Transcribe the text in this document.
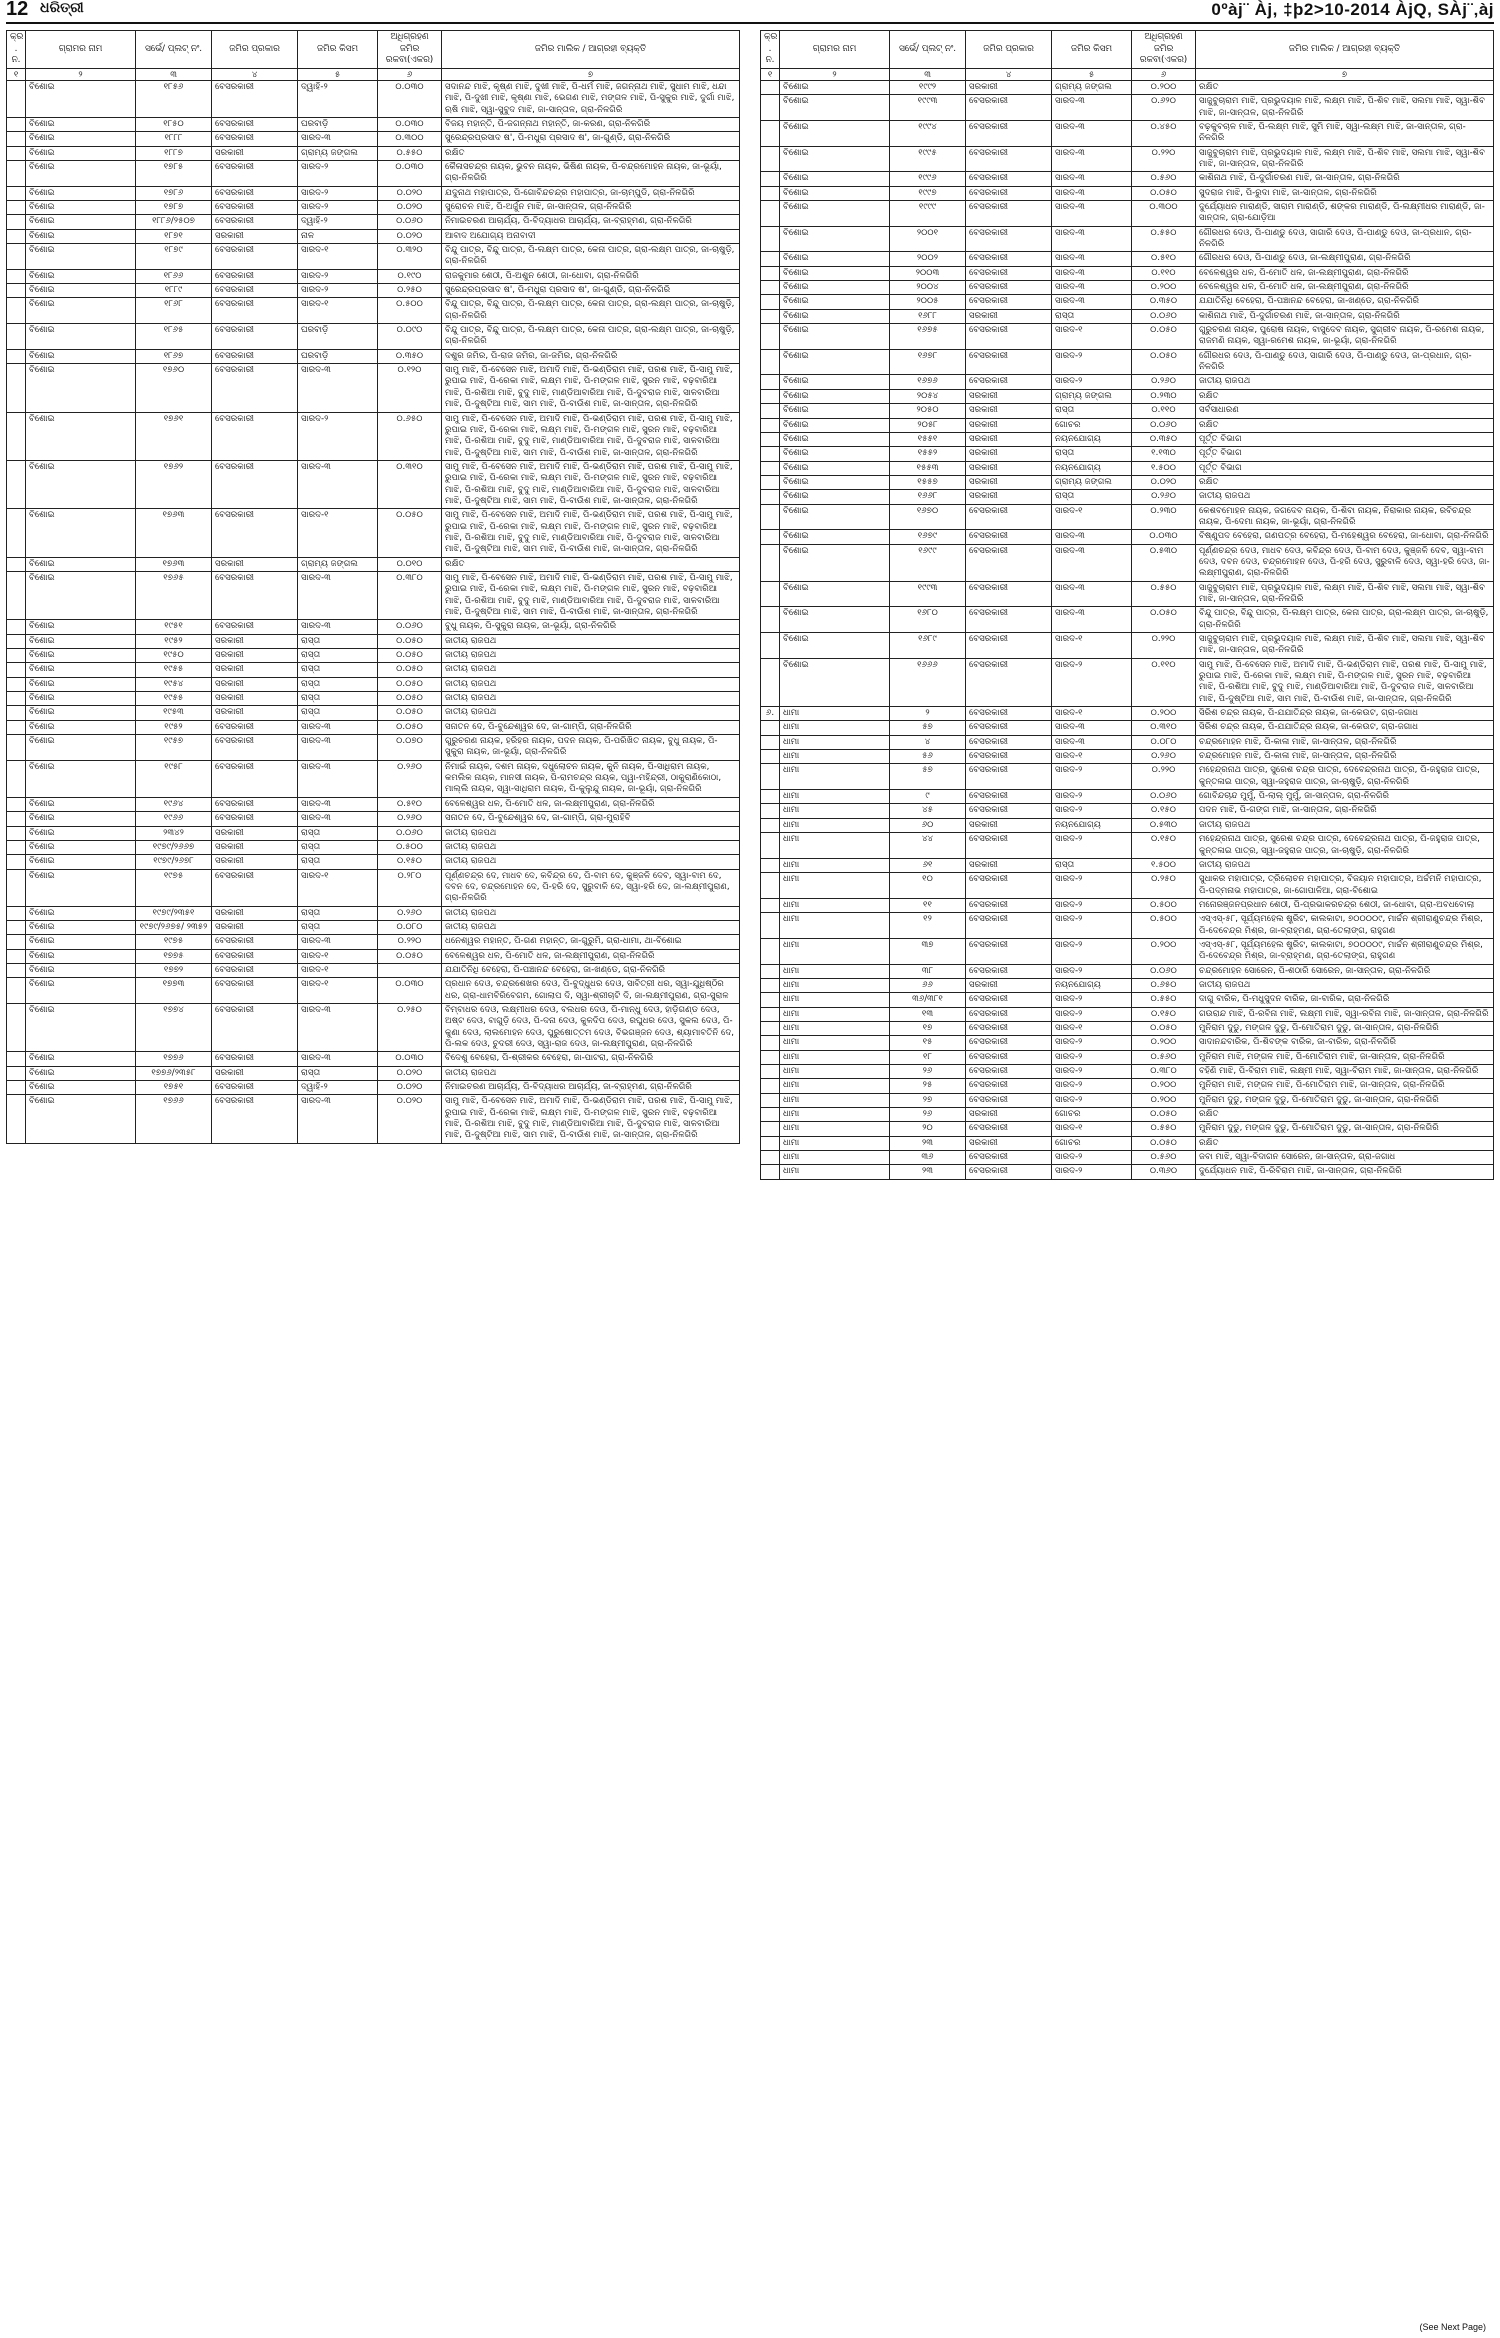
12 ଧରିତ୍ରୀ	0ºàj¨ Àj, ‡þ2>10-2014 ÀjQ, SÀj¨‚àj
କ୍ର. ନ.	ଗ୍ରାମର ନାମ	ସର୍ଭେ/ ପ୍ଲଟ୍ ନଂ.	ଜମିର ପ୍ରକାର	ଜମିର କିସମ	ଅଧିଗ୍ରହଣ ଜମିର ରକବା(ଏକର)	ଜମିର ମାଲିକ / ଆଗ୍ରହୀ ବ୍ୟକ୍ତି
୧	୨	୩	୪	୫	୬	୭
	ବିଶୋଇ	୧୮୫୬	ବେସରକାରୀ	ଦ୍ୱାହି-୨	୦.୦୩୦	ସଦାନନ୍ଦ ମାଝି, କୃଷ୍ଣ ମାଝି, ଦୁଖୀ ମାଝି, ପି-ଧର୍ମ ମାଝି, ଜଗନ୍ନାଥ ମାଝି, ସୁଧାମ ମାଝି, ଧନ୍ଦା ମାଝି, ପି-ଦୁଖୀ ମାଝି, କୃଷ୍ଣା ମାଝି, ଭେଗଣ ମାଝି, ମଙ୍ଗଳ ମାଝି, ପି-ସୁକୁର ମାଝି, ଦୁର୍ଗା ମାଝି, ଋଷି ମାଝି, ସ୍ୱା-ସୁବୁଦ ମାଝି, ଜା-ସାନ୍ତାଳ, ଗ୍ରା-ନିଳଗିରି
	ବିଶୋଇ	୧୮୫୦	ବେସରକାରୀ	ଘରବାଡ଼ି	୦.୦୩୦	ବିଜୟ ମହାନ୍ତି, ପି-ଜଗନ୍ନାଥ ମହାନ୍ତି, ଜା-କରଣ, ଗ୍ରା-ନିଳଗିରି
	ବିଶୋଇ	୧୮୮୮	ବେସରକାରୀ	ସାରଦ-୩	୦.୩୦୦	ସୁରେନ୍ଦ୍ରପ୍ରସାଦ ଷ', ପି-ମଧୁରା ପ୍ରସାଦ ଷ', ଜା-ଗୁଣ୍ଡି, ଗ୍ରା-ନିଳଗିରି
	ବିଶୋଇ	୧୮୮୭	ସରକାରୀ	ଗ୍ରାମ୍ୟ ଜଙ୍ଗଲ	୦.୫୫୦	ରକ୍ଷିତ
	ବିଶୋଇ	୧୭୮୫	ବେସରକାରୀ	ସାରଦ-୨	୦.୦୩୦	କୈଳାସଚନ୍ଦ୍ର ନାୟକ, ଭୁବନ ନାୟକ, ଭିଷିଣ ନାୟକ, ପି-ଚନ୍ଦ୍ରମୋହନ ନାୟକ, ଜା-ଭୂୟାଁ, ଗ୍ରା-ନିଳଗିରି
	ବିଶୋଇ	୧୭୮୬	ବେସରକାରୀ	ସାରଦ-୨	୦.୦୨୦	ଯଦୁନାଥ ମହାପାତ୍ର, ପି-ଗୋବିନ୍ଦଚନ୍ଦ୍ର ମହାପାତ୍ର, ଜା-ଚାମ୍ପୁଡି, ଗ୍ରା-ନିଳଗିରି
	ବିଶୋଇ	୧୭୮୭	ବେସରକାରୀ	ସାରଦ-୨	୦.୦୨୦	ସୁରୋଚନ ମାଝି, ପି-ଅର୍ଜୁନ ମାଝି, ଜା-ସାନ୍ତାଳ, ଗ୍ରା-ନିଳଗିରି
	ବିଶୋଇ	୧୮୮୬/୨୫୦୭	ବେସରକାରୀ	ଦ୍ୱାହି-୨	୦.୦୬୦	ନିମାଇଚରଣ ଆଚାର୍ଯ୍ୟ, ପି-ବିଦ୍ୟାଧର ଆଚାର୍ଯ୍ୟ, ଜା-ବ୍ରାହ୍ମଣ, ଗ୍ରା-ନିଳଗିରି
	ବିଶୋଇ	୧୮୭୧	ସରକାରୀ	ନାଳ	୦.୦୨୦	ଆବାଦ ଅଯୋଗ୍ୟ ଅନାବାଦୀ
	ବିଶୋଇ	୧୮୭୯	ବେସରକାରୀ	ସାରଦ-୧	୦.୩୨୦	ବିନ୍ଦୁ ପାତ୍ର, ବିନ୍ଦୁ ପାତ୍ର, ପି-ଲକ୍ଷ୍ମ ପାତ୍ର, କେନା ପାତ୍ର, ଗ୍ରା-ଲକ୍ଷ୍ମ ପାତ୍ର, ଜା-ଚାଷୁଡ଼ି, ଗ୍ରା-ନିଳଗିରି
	ବିଶୋଇ	୧୮୬୬	ବେସରକାରୀ	ସାରଦ-୨	୦.୧୯୦	ରାଜକୁମାର ଶେଠୀ, ପି-ଅଶୁନ ଶେଠୀ, ଜା-ଧୋବା, ଗ୍ରା-ନିଳଗିରି
	ବିଶୋଇ	୧୮୮୯	ବେସରକାରୀ	ସାରଦ-୨	୦.୨୫୦	ସୁରେନ୍ଦ୍ରପ୍ରସାଦ ଷ', ପି-ମଧୁରା ପ୍ରସାଦ ଷ', ଜା-ଗୁଣ୍ଡି, ଗ୍ରା-ନିଳଗିରି
	ବିଶୋଇ	୧୮୬୮	ବେସରକାରୀ	ସାରଦ-୧	୦.୫୦୦	ବିନ୍ଦୁ ପାତ୍ର, ବିନ୍ଦୁ ପାତ୍ର, ପି-ଲକ୍ଷ୍ମ ପାତ୍ର, କେନା ପାତ୍ର, ଗ୍ରା-ଲକ୍ଷ୍ମ ପାତ୍ର, ଜା-ଚାଷୁଡ଼ି, ଗ୍ରା-ନିଳଗିରି
	ବିଶୋଇ	୧୮୬୫	ବେସରକାରୀ	ଘରବାଡ଼ି	୦.୦୯୦	ବିନ୍ଦୁ ପାତ୍ର, ବିନ୍ଦୁ ପାତ୍ର, ପି-ଲକ୍ଷ୍ମ ପାତ୍ର, କେନା ପାତ୍ର, ଗ୍ରା-ଲକ୍ଷ୍ମ ପାତ୍ର, ଜା-ଚାଷୁଡ଼ି, ଗ୍ରା-ନିଳଗିରି
	ବିଶୋଇ	୧୮୬୭	ବେସରକାରୀ	ଘରବାଡ଼ି	୦.୩୫୦	ଦଶୁର ଜମିର, ପି-ରାଜ ଜମିର, ଜା-ଜମିର, ଗ୍ରା-ନିଳଗିରି
	ବିଶୋଇ	୧୭୬୦	ବେସରକାରୀ	ସାରଦ-୩	୦.୧୨୦	ସାମୁ ମାଝି, ପି-ବେସେନ ମାଝି, ଅମାଦି ମାଝି, ପି-ଭଣ୍ଡିରାମ ମାଝି, ପରଶ ମାଝି, ପି-ସାମୁ ମାଝି, ରୁପାଇ ମାଝି, ପି-ରେକା ମାଝି, ଲକ୍ଷ୍ମ ମାଝି, ପି-ମଙ୍ଗଳ ମାଝି, ସୁରନ ମାଝି, ବଢ଼ବାରିଆ ମାଝି, ପି-ରଶିଆ ମାଝି, ବୁଦୁ ମାଝି, ମାଣ୍ଡିଆବାରିଆ ମାଝି, ପି-ଦୁବରାଜ ମାଝି, ସାଳବାରିଆ ମାଝି, ପି-ଦୁଷ୍ଟିଆ ମାଝି, ସାମ ମାଝି, ପି-ବାଉିଶ ମାଝି, ଜା-ସାନ୍ତାଳ, ଗ୍ରା-ନିଳଗିରି
	ବିଶୋଇ	୧୭୬୧	ବେସରକାରୀ	ସାରଦ-୨	୦.୬୫୦	ସାମୁ ମାଝି, ପି-ବେସେନ ମାଝି, ଅମାଦି ମାଝି, ପି-ଭଣ୍ଡିରାମ ମାଝି, ପରଶ ମାଝି, ପି-ସାମୁ ମାଝି, ରୁପାଇ ମାଝି, ପି-ରେକା ମାଝି, ଲକ୍ଷ୍ମ ମାଝି, ପି-ମଙ୍ଗଳ ମାଝି, ସୁରନ ମାଝି, ବଢ଼ବାରିଆ ମାଝି, ପି-ରଶିଆ ମାଝି, ବୁଦୁ ମାଝି, ମାଣ୍ଡିଆବାରିଆ ମାଝି, ପି-ଦୁବରାଜ ମାଝି, ସାଳବାରିଆ ମାଝି, ପି-ଦୁଷ୍ଟିଆ ମାଝି, ସାମ ମାଝି, ପି-ବାଉିଶ ମାଝି, ଜା-ସାନ୍ତାଳ, ଗ୍ରା-ନିଳଗିରି
	ବିଶୋଇ	୧୭୬୨	ବେସରକାରୀ	ସାରଦ-୩	୦.୩୧୦	ସାମୁ ମାଝି, ପି-ବେସେନ ମାଝି, ଅମାଦି ମାଝି, ପି-ଭଣ୍ଡିରାମ ମାଝି, ପରଶ ମାଝି, ପି-ସାମୁ ମାଝି, ରୁପାଇ ମାଝି, ପି-ରେକା ମାଝି, ଲକ୍ଷ୍ମ ମାଝି, ପି-ମଙ୍ଗଳ ମାଝି, ସୁରନ ମାଝି, ବଢ଼ବାରିଆ ମାଝି, ପି-ରଶିଆ ମାଝି, ବୁଦୁ ମାଝି, ମାଣ୍ଡିଆବାରିଆ ମାଝି, ପି-ଦୁବରାଜ ମାଝି, ସାଳବାରିଆ ମାଝି, ପି-ଦୁଷ୍ଟିଆ ମାଝି, ସାମ ମାଝି, ପି-ବାଉିଶ ମାଝି, ଜା-ସାନ୍ତାଳ, ଗ୍ରା-ନିଳଗିରି
	ବିଶୋଇ	୧୭୬୩	ବେସରକାରୀ	ସାରଦ-୧	୦.୦୫୦	ସାମୁ ମାଝି, ପି-ବେସେନ ମାଝି, ଅମାଦି ମାଝି, ପି-ଭଣ୍ଡିରାମ ମାଝି, ପରଶ ମାଝି, ପି-ସାମୁ ମାଝି, ରୁପାଇ ମାଝି, ପି-ରେକା ମାଝି, ଲକ୍ଷ୍ମ ମାଝି, ପି-ମଙ୍ଗଳ ମାଝି, ସୁରନ ମାଝି, ବଢ଼ବାରିଆ ମାଝି, ପି-ରଶିଆ ମାଝି, ବୁଦୁ ମାଝି, ମାଣ୍ଡିଆବାରିଆ ମାଝି, ପି-ଦୁବରାଜ ମାଝି, ସାଳବାରିଆ ମାଝି, ପି-ଦୁଷ୍ଟିଆ ମାଝି, ସାମ ମାଝି, ପି-ବାଉିଶ ମାଝି, ଜା-ସାନ୍ତାଳ, ଗ୍ରା-ନିଳଗିରି
	ବିଶୋଇ	୧୭୬୩	ସରକାରୀ	ଗ୍ରାମ୍ୟ ଜଙ୍ଗଲ	୦.୦୧୦	ରକ୍ଷିତ
	ବିଶୋଇ	୧୭୬୫	ବେସରକାରୀ	ସାରଦ-୩	୦.୩୮୦	ସାମୁ ମାଝି, ପି-ବେସେନ ମାଝି, ଅମାଦି ମାଝି, ପି-ଭଣ୍ଡିରାମ ମାଝି, ପରଶ ମାଝି, ପି-ସାମୁ ମାଝି, ରୁପାଇ ମାଝି, ପି-ରେକା ମାଝି, ଲକ୍ଷ୍ମ ମାଝି, ପି-ମଙ୍ଗଳ ମାଝି, ସୁରନ ମାଝି, ବଢ଼ବାରିଆ ମାଝି, ପି-ରଶିଆ ମାଝି, ବୁଦୁ ମାଝି, ମାଣ୍ଡିଆବାରିଆ ମାଝି, ପି-ଦୁବରାଜ ମାଝି, ସାଳବାରିଆ ମାଝି, ପି-ଦୁଷ୍ଟିଆ ମାଝି, ସାମ ମାଝି, ପି-ବାଉିଶ ମାଝି, ଜା-ସାନ୍ତାଳ, ଗ୍ରା-ନିଳଗିରି
	ବିଶୋଇ	୧୯୫୧	ବେସରକାରୀ	ସାରଦ-୩	୦.୦୬୦	ବୁଧୁ ନାୟକ, ପି-ସୁକୁରା ନାୟକ, ଜା-ଭୂୟାଁ, ଗ୍ରା-ନିଳଗିରି
	ବିଶୋଇ	୧୯୫୨	ସରକାରୀ	ରାସ୍ତା	୦.୦୫୦	ଜାତୀୟ ରାଜପଥ
	ବିଶୋଇ	୧୯୫୦	ସରକାରୀ	ରାସ୍ତା	୦.୦୫୦	ଜାତୀୟ ରାଜପଥ
	ବିଶୋଇ	୧୯୫୫	ସରକାରୀ	ରାସ୍ତା	୦.୦୫୦	ଜାତୀୟ ରାଜପଥ
	ବିଶୋଇ	୧୯୫୪	ସରକାରୀ	ରାସ୍ତା	୦.୦୫୦	ଜାତୀୟ ରାଜପଥ
	ବିଶୋଇ	୧୯୫୫	ସରକାରୀ	ରାସ୍ତା	୦.୦୫୦	ଜାତୀୟ ରାଜପଥ
	ବିଶୋଇ	୧୯୫୩	ସରକାରୀ	ରାସ୍ତା	୦.୦୫୦	ଜାତୀୟ ରାଜପଥ
	ବିଶୋଇ	୧୯୫୨	ବେସରକାରୀ	ସାରଦ-୩	୦.୦୫୦	ସନାତନ ଦେ, ପି-ବୁନ୍ଦେଶ୍ୱର ଦେ, ଜା-ଗାମ୍ପି, ଗ୍ରା-ନିଳଗିରି
	ବିଶୋଇ	୧୯୫୭	ବେସରକାରୀ	ସାରଦ-୩	୦.୦୭୦	ଗୁରୁଚରଣ ନାୟକ, ହରିହର ନାୟକ, ପଦନ ନାୟକ, ପି-ପରିଖିତ ନାୟକ, ବୁଧୁ ନାୟକ, ପି-ସୁକୁରା ନାୟକ, ଜା-ଭୂୟାଁ, ଗ୍ରା-ନିଳଗିରି
	ବିଶୋଇ	୧୯୫୮	ବେସରକାରୀ	ସାରଦ-୩	୦.୨୬୦	ନିମାଇଁ ନାୟକ, ଦଶମ ନାୟକ, ଦଧୁଲୋଚନ ନାୟକ, କୁନି ନାୟକ, ପି-ସାଧିରାମ ନାୟକ, କମଲିକ ନାୟକ, ମାନସୀ ନାୟକ, ପି-ରାମଚନ୍ଦ୍ର ନାୟକ, ପ୍ୱା-ମହିନ୍ଦ୍ରୀ, ଠାକୁରାଣିକୋଠା, ମାଲ୍ଲି ନାୟକ, ସ୍ୱା-ସାଧିରାମ ନାୟକ, ପି-କୁଲୁନ୍ଦୁ ନାୟକ, ଜା-ଭୂୟାଁ, ଗ୍ରା-ନିଳଗିରି
	ବିଶୋଇ	୧୯୬୪	ବେସରକାରୀ	ସାରଦ-୩	୦.୫୧୦	ବେଳେଶ୍ୱର ଧଳ, ପି-ମୋତି ଧଳ, ଜା-ଲକ୍ଷ୍ମୀପୁରାଣ, ଗ୍ରା-ନିଳଗିରି
	ବିଶୋଇ	୧୯୬୬	ବେସରକାରୀ	ସାରଦ-୩	୦.୨୬୦	ସନାତନ ଦେ, ପି-ବୁନ୍ଦେଶ୍ୱର ଦେ, ଜା-ଗାମ୍ପି, ଗ୍ରା-ମୁରାହିବି
	ବିଶୋଇ	୨୩୪୨	ସରକାରୀ	ରାସ୍ତା	୦.୦୬୦	ଜାତୀୟ ରାଜପଥ
	ବିଶୋଇ	୧୯୭୯/୨୬୬୭	ସରକାରୀ	ରାସ୍ତା	୦.୫୦୦	ଜାତୀୟ ରାଜପଥ
	ବିଶୋଇ	୧୯୭୯/୨୬୭୮	ସରକାରୀ	ରାସ୍ତା	୦.୧୫୦	ଜାତୀୟ ରାଜପଥ
	ବିଶୋଇ	୧୯୭୫	ବେସରକାରୀ	ସାରଦ-୧	୦.୨୮୦	ପୂର୍ଣ୍ଣଚନ୍ଦ୍ର ଦେ, ମାଧବ ଦେ, କବିନ୍ଦ୍ର ଦେ, ପି-ବାମ ଦେ, କୁଞ୍ଜଳି ଦେବ, ସ୍ୱା-ବାମ ଦେ, ଦବନ ଦେ, ଚନ୍ଦ୍ରମୋହନ ଦେ, ପି-ହରି ଦେ, ସୁରୁବାଳି ଦେ, ସ୍ୱା-ହରି ଦେ, ଜା-ଲକ୍ଷ୍ମୀପୁରାଣ, ଗ୍ରା-ନିଳଗିରି
	ବିଶୋଇ	୧୯୭୯/୨୩୫୧	ସରକାରୀ	ରାସ୍ତା	୦.୨୬୦	ଜାତୀୟ ରାଜପଥ
	ବିଶୋଇ	୧୯୭୯/୨୬୭୫/ ୨୩୫୨	ସରକାରୀ	ରାସ୍ତା	୦.୦୮୦	ଜାତୀୟ ରାଜପଥ
	ବିଶୋଇ	୧୯୭୫	ବେସରକାରୀ	ସାରଦ-୩	୦.୨୨୦	ଧନେଶ୍ୱର ମହାନ୍ତ, ପି-ଗଣ ମହାନ୍ତ, ଜା-ଗୁରୁମି, ଗ୍ରା-ଧାମା, ଥା-ବିଶୋଇ
	ବିଶୋଇ	୧୭୭୫	ବେସରକାରୀ	ସାରଦ-୧	୦.୦୫୦	ବେଳେଶ୍ୱର ଧଳ, ପି-ମୋତି ଧଳ, ଜା-ଲକ୍ଷ୍ମୀପୁରାଣ, ଗ୍ରା-ନିଳଗିରି
	ବିଶୋଇ	୧୭୭୨	ବେସରକାରୀ	ସାରଦ-୧		ଯଯାତିନିଧି ବେହେରା, ପି-ପଞ୍ଚାନନ୍ଦ ବେହେରା, ଜା-ଖଣ୍ଡେ, ଗ୍ରା-ନିଳଗିରି
	ବିଶୋଇ	୧୭୭୩	ବେସରକାରୀ	ସାରଦ-୧	୦.୦୩୦	ପ୍ରଧାନ ଦେଓ, ଚନ୍ଦ୍ରଶେଖର ଦେଓ, ପି-ବୁଦ୍ଧୁଧର ଦେଓ, ସାବିତ୍ରୀ ଧର, ସ୍ୱା-ଯୁଧିଷ୍ଠିର ଧର, ଗ୍ରା-ଧାମବିରିବେଗମ, ଗୋଲାପ ଦି, ସ୍ୱା-ଶ୍ରୀଚାଟି ଦି, ଜା-ଲକ୍ଷ୍ମୀପୁରାଣ, ଗ୍ରା-ସୁରାଳ
	ବିଶୋଇ	୧୭୭୪	ବେସରକାରୀ	ସାରଦ-୩	୦.୨୫୦	ବିମ୍ବାଧର ଦେଓ, ଲକ୍ଷ୍ମୀଧର ଦେଓ, ବଲଧର ଦେଓ, ପି-ମାନ୍ଧୁ ଦେଓ, ହାଡ଼ିଗଣ୍ଡ ଦେଓ, ଅଷ୍ଟ ଦେଓ, ବାଗୁଡ଼ି ଦେଓ, ପି-ଦନା ଦେଓ, କୁଳଦିପ ଦେଓ, ରଘୁଧର ଦେଓ, ସୁକଲ ଦେଓ, ପି-କୁଣା ଦେଓ, ଲାଲମୋହନ ଦେଓ, ପୁରୁଷୋତ୍ତମ ଦେଓ, ବିଭଗଞ୍ଜନ ଦେଓ, ଶ୍ୟାମାବତିନି ଦେ, ପି-ଲକ ଦେଓ, ଚୁଦରୀ ଦେଓ, ସ୍ୱା-ରାଜ ଦେଓ, ଜା-ଲକ୍ଷ୍ମୀପୁରାଣ, ଗ୍ରା-ନିଳଗିରି
	ବିଶୋଇ	୧୭୭୬	ବେସରକାରୀ	ସାରଦ-୩	୦.୦୩୦	ବିଦେଶୁ ବେହେରା, ପି-ଶ୍ରୀକର ବେହେରା, ଜା-ପାଟରା, ଗ୍ରା-ନିଳଗିରି
	ବିଶୋଇ	୧୭୭୬/୨୩୫୮	ସରକାରୀ	ରାସ୍ତା	୦.୦୨୦	ଜାତୀୟ ରାଜପଥ
	ବିଶୋଇ	୧୭୫୧	ବେସରକାରୀ	ଦ୍ୱାହି-୨	୦.୦୨୦	ନିମାଇଚରଣ ଆଚାର୍ଯ୍ୟ, ପି-ବିଦ୍ୟାଧର ଆଚାର୍ଯ୍ୟ, ଜା-ବ୍ରାହ୍ମଣ, ଗ୍ରା-ନିଳଗିରି
	ବିଶୋଇ	୧୭୬୬	ବେସରକାରୀ	ସାରଦ-୩	୦.୦୨୦	ସାମୁ ମାଝି, ପି-ବେସେନ ମାଝି, ଅମାଦି ମାଝି, ପି-ଭଣ୍ଡିରାମ ମାଝି, ପରଶ ମାଝି, ପି-ସାମୁ ମାଝି, ରୁପାଇ ମାଝି, ପି-ରେକା ମାଝି, ଲକ୍ଷ୍ମ ମାଝି, ପି-ମଙ୍ଗଳ ମାଝି, ସୁରନ ମାଝି, ବଢ଼ବାରିଆ ମାଝି, ପି-ରଶିଆ ମାଝି, ବୁଦୁ ମାଝି, ମାଣ୍ଡିଆବାରିଆ ମାଝି, ପି-ଦୁବରାଜ ମାଝି, ସାଳବାରିଆ ମାଝି, ପି-ଦୁଷ୍ଟିଆ ମାଝି, ସାମ ମାଝି, ପି-ବାଉିଶ ମାଝି, ଜା-ସାନ୍ତାଳ, ଗ୍ରା-ନିଳଗିରି
କ୍ର. ନ.	ଗ୍ରାମର ନାମ	ସର୍ଭେ/ ପ୍ଲଟ୍ ନଂ.	ଜମିର ପ୍ରକାର	ଜମିର କିସମ	ଅଧିଗ୍ରହଣ ଜମିର ରକବା(ଏକର)	ଜମିର ମାଲିକ / ଆଗ୍ରହୀ ବ୍ୟକ୍ତି
୧	୨	୩	୪	୫	୬	୭
	ବିଶୋଇ	୧୯୯୨	ସରକାରୀ	ଗ୍ରାମ୍ୟ ଜଙ୍ଗଲ	୦.୨୦୦	ରକ୍ଷିତ
	ବିଶୋଇ	୧୯୯୩	ବେସରକାରୀ	ସାରଦ-୩	୦.୬୨୦	ସାଜୁବୁଚାରାମ ମାଝି, ପ୍ରଭୁଦୟାଳ ମାଝି, ଲକ୍ଷ୍ମ ମାଝି, ପି-ଶିବ ମାଝି, ସଲମା ମାଝି, ସ୍ୱା-ଶିବ ମାଝି, ଜା-ସାନ୍ତାଳ, ଗ୍ରା-ନିଳଗିରି
	ବିଶୋଇ	୧୯୯୪	ବେସରକାରୀ	ସାରଦ-୩	୦.୪୫୦	ବଢ଼କୁବଚାଳ ମାଝି, ପି-ଲକ୍ଷ୍ମ ମାଝି, ସୁମି ମାଝି, ସ୍ୱା-ଲକ୍ଷ୍ମ ମାଝି, ଜା-ସାନ୍ତାଳ, ଗ୍ରା-ନିଳଗିରି
	ବିଶୋଇ	୧୯୯୫	ବେସରକାରୀ	ସାରଦ-୩	୦.୨୨୦	ସାଜୁବୁଚାରାମ ମାଝି, ପ୍ରଭୁଦୟାଳ ମାଝି, ଲକ୍ଷ୍ମ ମାଝି, ପି-ଶିବ ମାଝି, ସଲମା ମାଝି, ସ୍ୱା-ଶିବ ମାଝି, ଜା-ସାନ୍ତାଳ, ଗ୍ରା-ନିଳଗିରି
	ବିଶୋଇ	୧୯୯୬	ବେସରକାରୀ	ସାରଦ-୩	୦.୫୬୦	କାଶିନାଥ ମାଝି, ପି-ଦୁର୍ଗାଚରଣ ମାଝି, ଜା-ସାନ୍ତାଳ, ଗ୍ରା-ନିଳଗିରି
	ବିଶୋଇ	୧୯୯୭	ବେସରକାରୀ	ସାରଦ-୩	୦.୦୫୦	ସୁଦରାଜ ମାଝି, ପି-ରୁଦା ମାଝି, ଜା-ସାନ୍ତାଳ, ଗ୍ରା-ନିଳଗିରି
	ବିଶୋଇ	୧୯୯୯	ବେସରକାରୀ	ସାରଦ-୩	୦.୩୦୦	ଦୁର୍ଯ୍ୟୋଧନ ମାରାଣ୍ଡି, ସାରାମ ମାରାଣ୍ଡି, ଶଙ୍କର ମାରାଣ୍ଡି, ପି-ଲକ୍ଷ୍ମୀଧର ମାରାଣ୍ଡି, ଜା-ସାନ୍ତାଳ, ଗ୍ରା-ଯୋଡ଼ିଆ
	ବିଶୋଇ	୨୦୦୧	ବେସରକାରୀ	ସାରଦ-୩	୦.୫୫୦	ଗୌରଧର ଦେଓ, ପି-ପାଣ୍ଡୁ ଦେଓ, ସାଗାରି ଦେଓ, ପି-ପାଣ୍ଡୁ ଦେଓ, ଜା-ପ୍ରଧାନ, ଗ୍ରା-ନିଳଗିରି
	ବିଶୋଇ	୨୦୦୨	ବେସରକାରୀ	ସାରଦ-୩	୦.୫୧୦	ଗୌରଧର ଦେଓ, ପି-ପାଣ୍ଡୁ ଦେଓ, ଜା-ଲକ୍ଷ୍ମୀପୁରାଣ, ଗ୍ରା-ନିଳଗିରି
	ବିଶୋଇ	୨୦୦୩	ବେସରକାରୀ	ସାରଦ-୩	୦.୧୧୦	ବେଳେଶ୍ୱର ଧଳ, ପି-ମୋତି ଧଳ, ଜା-ଲକ୍ଷ୍ମୀପୁରାଣ, ଗ୍ରା-ନିଳଗିରି
	ବିଶୋଇ	୨୦୦୪	ବେସରକାରୀ	ସାରଦ-୩	୦.୨୦୦	ବେଳେଶ୍ୱର ଧଳ, ପି-ମୋତି ଧଳ, ଜା-ଲକ୍ଷ୍ମୀପୁରାଣ, ଗ୍ରା-ନିଳଗିରି
	ବିଶୋଇ	୨୦୦୫	ବେସରକାରୀ	ସାରଦ-୩	୦.୩୫୦	ଯଯାତିନିଧି ବେହେରା, ପି-ପଞ୍ଚାନନ୍ଦ ବେହେରା, ଜା-ଖଣ୍ଡେ, ଗ୍ରା-ନିଳଗିରି
	ବିଶୋଇ	୧୬୮୮	ସରକାରୀ	ରାସ୍ତା	୦.୦୬୦	କାଶିନାଥ ମାଝି, ପି-ଦୁର୍ଗାଚରଣ ମାଝି, ଜା-ସାନ୍ତାଳ, ଗ୍ରା-ନିଳଗିରି
	ବିଶୋଇ	୧୬୭୫	ବେସରକାରୀ	ସାରଦ-୧	୦.୦୫୦	ଗୁରୁଚରଣ ନାୟକ, ପୁରୋଷ ନାୟକ, ବାସୁଦେବ ନାୟକ, ସୁଗ୍ରୀବ ନାୟକ, ପି-ରମେଶ ନାୟକ, ରାଜମଣି ନାୟକ, ସ୍ୱା-ରମେଶ ନାୟକ, ଜା-ଭୂୟାଁ, ଗ୍ରା-ନିଳଗିରି
	ବିଶୋଇ	୧୬୭୮	ବେସରକାରୀ	ସାରଦ-୨	୦.୦୫୦	ଗୌରଧର ଦେଓ, ପି-ପାଣ୍ଡୁ ଦେଓ, ସାଗାରି ଦେଓ, ପି-ପାଣ୍ଡୁ ଦେଓ, ଜା-ପ୍ରଧାନ, ଗ୍ରା-ନିଳଗିରି
	ବିଶୋଇ	୧୬୭୬	ବେସରକାରୀ	ସାରଦ-୨	୦.୨୬୦	ଜାତୀୟ ରାଜପଥ
	ବିଶୋଇ	୨୦୫୪	ସରକାରୀ	ଗ୍ରାମ୍ୟ ଜଙ୍ଗଲ	୦.୨୩୦	ରକ୍ଷିତ
	ବିଶୋଇ	୨୦୫୦	ସରକାରୀ	ରାସ୍ତା	୦.୧୧୦	ସର୍ବସାଧାରଣ
	ବିଶୋଇ	୨୦୫୮	ସରକାରୀ	ଗୋଚର	୦.୦୬୦	ରକ୍ଷିତ
	ବିଶୋଇ	୧୫୫୧	ସରକାରୀ	ନୟନଯୋଗ୍ୟ	୦.୩୫୦	ପୂର୍ତ୍ତ ବିଭାଗ
	ବିଶୋଇ	୧୫୫୨	ସରକାରୀ	ରାସ୍ତା	୧.୧୩୦	ପୂର୍ତ୍ତ ବିଭାଗ
	ବିଶୋଇ	୧୫୫୩	ସରକାରୀ	ନୟନଯୋଗ୍ୟ	୧.୫୦୦	ପୂର୍ତ୍ତ ବିଭାଗ
	ବିଶୋଇ	୧୫୫୭	ସରକାରୀ	ଗ୍ରାମ୍ୟ ଜଙ୍ଗଲ	୦.୦୨୦	ରକ୍ଷିତ
	ବିଶୋଇ	୧୬୬୮	ସରକାରୀ	ରାସ୍ତା	୦.୨୬୦	ଜାତୀୟ ରାଜପଥ
	ବିଶୋଇ	୧୬୭୦	ବେସରକାରୀ	ସାରଦ-୧	୦.୨୩୦	କେଶବମୋହନ ନାୟକ, ଜଗଦେବ ନାୟକ, ପି-ଶିବା ନାୟକ, ନିରାକାର ନାୟକ, ରବିଚନ୍ଦ୍ର ନାୟକ, ପି-ଦେମା ନାୟକ, ଜା-ଭୂୟାଁ, ଗ୍ରା-ନିଳଗିରି
	ବିଶୋଇ	୧୬୭୯	ବେସରକାରୀ	ସାରଦ-୩	୦.୦୩୦	ବିଷ୍ଣୁପଦ ବେହେରା, ଗଣପତ୍ର ବେହେରା, ପି-ମହେଶ୍ୱର ବେହେରା, ଜା-ଧୋବା, ଗ୍ରା-ନିଳଗିରି
	ବିଶୋଇ	୧୬୯୯	ବେସରକାରୀ	ସାରଦ-୩	୦.୫୩୦	ପୂର୍ଣ୍ଣଚନ୍ଦ୍ର ଦେଓ, ମାଧବ ଦେଓ, କବିନ୍ଦ୍ର ଦେଓ, ପି-ବାମ ଦେଓ, କୁଞ୍ଜଳି ଦେବ, ସ୍ୱା-ବାମ ଦେଓ, ଦବନ ଦେଓ, ଚନ୍ଦ୍ରମୋହନ ଦେଓ, ପି-ହରି ଦେଓ, ସୁରୁବାଳି ଦେଓ, ସ୍ୱା-ହରି ଦେଓ, ଜା-ଲକ୍ଷ୍ମୀପୁରାଣ, ଗ୍ରା-ନିଳଗିରି
	ବିଶୋଇ	୧୯୯୩	ବେସରକାରୀ	ସାରଦ-୩	୦.୫୫୦	ସାଜୁବୁଚାରାମ ମାଝି, ପ୍ରଭୁଦୟାଳ ମାଝି, ଲକ୍ଷ୍ମ ମାଝି, ପି-ଶିବ ମାଝି, ସଲମା ମାଝି, ସ୍ୱା-ଶିବ ମାଝି, ଜା-ସାନ୍ତାଳ, ଗ୍ରା-ନିଳଗିରି
	ବିଶୋଇ	୧୬୮୦	ବେସରକାରୀ	ସାରଦ-୩	୦.୦୫୦	ବିନ୍ଦୁ ପାତ୍ର, ବିନ୍ଦୁ ପାତ୍ର, ପି-ଲକ୍ଷ୍ମ ପାତ୍ର, କେନା ପାତ୍ର, ଗ୍ରା-ଲକ୍ଷ୍ମ ପାତ୍ର, ଜା-ଚାଷୁଡ଼ି, ଗ୍ରା-ନିଳଗିରି
	ବିଶୋଇ	୧୬୮୯	ବେସରକାରୀ	ସାରଦ-୧	୦.୨୨୦	ସାଜୁବୁଚାରାମ ମାଝି, ପ୍ରଭୁଦୟାଳ ମାଝି, ଲକ୍ଷ୍ମ ମାଝି, ପି-ଶିବ ମାଝି, ସଲମା ମାଝି, ସ୍ୱା-ଶିବ ମାଝି, ଜା-ସାନ୍ତାଳ, ଗ୍ରା-ନିଳଗିରି
	ବିଶୋଇ	୧୬୬୬	ବେସରକାରୀ	ସାରଦ-୨	୦.୧୧୦	ସାମୁ ମାଝି, ପି-ବେସେନ ମାଝି, ଅମାଦି ମାଝି, ପି-ଭଣ୍ଡିରାମ ମାଝି, ପରଶ ମାଝି, ପି-ସାମୁ ମାଝି, ରୁପାଇ ମାଝି, ପି-ରେକା ମାଝି, ଲକ୍ଷ୍ମ ମାଝି, ପି-ମଙ୍ଗଳ ମାଝି, ସୁରନ ମାଝି, ବଢ଼ବାରିଆ ମାଝି, ପି-ରଶିଆ ମାଝି, ବୁଦୁ ମାଝି, ମାଣ୍ଡିଆବାରିଆ ମାଝି, ପି-ଦୁବରାଜ ମାଝି, ସାଳବାରିଆ ମାଝି, ପି-ଦୁଷ୍ଟିଆ ମାଝି, ସାମ ମାଝି, ପି-ବାଉିଶ ମାଝି, ଜା-ସାନ୍ତାଳ, ଗ୍ରା-ନିଳଗିରି
୬.	ଧାମା	୨	ବେସରକାରୀ	ସାରଦ-୧	୦.୨୦୦	ସିରିଶ ଚନ୍ଦ୍ର ନାୟକ, ପି-ଯଯାତିନ୍ଦ୍ର ନାୟକ, ଜା-କେଉଟ, ଗ୍ରା-ଜଗାଧ
	ଧାମା	୫୭	ବେସରକାରୀ	ସାରଦ-୩	୦.୩୧୦	ସିରିଶ ଚନ୍ଦ୍ର ନାୟକ, ପି-ଯଯାତିନ୍ଦ୍ର ନାୟକ, ଜା-କେଉଟ, ଗ୍ରା-ଜଗାଧ
	ଧାମା	୪	ବେସରକାରୀ	ସାରଦ-୩	୦.୦୮୦	ଚନ୍ଦ୍ରମୋହନ ମାଝି, ପି-କାଳା ମାଝି, ଜା-ସାନ୍ତାଳ, ଗ୍ରା-ନିଳଗିରି
	ଧାମା	୫୬	ବେସରକାରୀ	ସାରଦ-୧	୦.୨୬୦	ଚନ୍ଦ୍ରମୋହନ ମାଝି, ପି-କାଳା ମାଝି, ଜା-ସାନ୍ତାଳ, ଗ୍ରା-ନିଳଗିରି
	ଧାମା	୫୭	ବେସରକାରୀ	ସାରଦ-୨	୦.୨୨୦	ମହେନ୍ଦ୍ରନାଥ ପାତ୍ର, ସୁରେଶ ଚନ୍ଦ୍ର ପାତ୍ର, ଦେବେନ୍ଦ୍ରନାଥ ପାତ୍ର, ପି-ଜହୁରାଜ ପାତ୍ର, କୁନ୍ତଳାଇ ପାତ୍ର, ସ୍ୱା-ଜହୁରାଜ ପାତ୍ର, ଜା-ଚାଷୁଡ଼ି, ଗ୍ରା-ନିଳଗିରି
	ଧାମା	୯	ବେସରକାରୀ	ସାରଦ-୨	୦.୦୬୦	ଗୋବିନ୍ଦଚାନ୍ଦ ମୁର୍ମୁ, ପି-ଲାଲ୍ ମୁର୍ମୁ, ଜା-ସାନ୍ତାଳ, ଗ୍ରା-ନିଳଗିରି
	ଧାମା	୪୫	ବେସରକାରୀ	ସାରଦ-୨	୦.୧୫୦	ପଦନ ମାଝି, ପି-ଗଙ୍ଗ ମାଝି, ଜା-ସାନ୍ତାଳ, ଗ୍ରା-ନିଳଗିରି
	ଧାମା	୬୦	ସରକାରୀ	ନୟନଯୋଗ୍ୟ	୦.୫୩୦	ଜାତୀୟ ରାଜପଥ
	ଧାମା	୪୪	ବେସରକାରୀ	ସାରଦ-୨	୦.୧୫୦	ମହେନ୍ଦ୍ରନାଥ ପାତ୍ର, ସୁରେଶ ଚନ୍ଦ୍ର ପାତ୍ର, ଦେବେନ୍ଦ୍ରନାଥ ପାତ୍ର, ପି-ଜହୁରାଜ ପାତ୍ର, କୁନ୍ତଳାଇ ପାତ୍ର, ସ୍ୱା-ଜହୁରାଜ ପାତ୍ର, ଜା-ଚାଷୁଡ଼ି, ଗ୍ରା-ନିଳଗିରି
	ଧାମା	୬୧	ସରକାରୀ	ରାସ୍ତା	୧.୫୦୦	ଜାତୀୟ ରାଜପଥ
	ଧାମା	୧୦	ବେସରକାରୀ	ସାରଦ-୨	୦.୨୫୦	ସୁଧାକର ମହାପାତ୍ର, ତ୍ରିଲୋଚନ ମହାପାତ୍ର, ବିଜୟାନ ମହାପାତ୍ର, ଅର୍ଚ୍ଚମନି ମହାପାତ୍ର, ପି-ପଦ୍ମନାଭ ମହାପାତ୍ର, ଜା-ଗୋପାଳିଆ, ଗ୍ରା-ବିଶୋଇ
	ଧାମା	୧୧	ବେସରକାରୀ	ସାରଦ-୨	୦.୫୦୦	ମନୋରଞ୍ଜନପ୍ରଧାନ ଶେଠୀ, ପି-ପ୍ରଭାକରଚନ୍ଦ୍ର ଶେଠୀ, ଜା-ଧୋବା, ଗ୍ରା-ଅବଧବୋଲା
	ଧାମା	୧୨	ବେସରକାରୀ	ସାରଦ-୨	୦.୫୦୦	ଏସ୍‌ଏସ୍-୫୮, ସୂର୍ଯ୍ୟମହେଲ ଷ୍ଟ୍ରିଟ, କାଲକାଟା, ୭୦୦୦୦୯, ମାର୍ଚ୍ଚନ ଶ୍ରୀରାଣୁଚନ୍ଦ୍ର ମିଶ୍ର, ପି-ଦେବେନ୍ଦ୍ର ମିଶ୍ର, ଜା-ବ୍ରାହ୍ମଣ, ଗ୍ରା-ତେଲାଙ୍ଗ, ରାହୁଗଣ
	ଧାମା	୩୭	ବେସରକାରୀ	ସାରଦ-୨	୦.୨୦୦	ଏସ୍‌ଏସ୍-୫୮, ସୂର୍ଯ୍ୟମହେଲ ଷ୍ଟ୍ରିଟ, କାଲକାଟା, ୭୦୦୦୦୯, ମାର୍ଚ୍ଚନ ଶ୍ରୀରାଣୁଚନ୍ଦ୍ର ମିଶ୍ର, ପି-ଦେବେନ୍ଦ୍ର ମିଶ୍ର, ଜା-ବ୍ରାହ୍ମଣ, ଗ୍ରା-ତେଲାଙ୍ଗ, ରାହୁଗଣ
	ଧାମା	୩୮	ବେସରକାରୀ	ସାରଦ-୨	୦.୦୬୦	ଚନ୍ଦ୍ରମୋହନ ସୋରେନ, ପି-ଶଠାରି ସୋରେନ, ଜା-ସାନ୍ତାଳ, ଗ୍ରା-ନିଳଗିରି
	ଧାମା	୬୬	ସରକାରୀ	ନୟନଯୋଗ୍ୟ	୦.୬୫୦	ଜାତୀୟ ରାଜପଥ
	ଧାମା	୩୬/୩୮୧	ବେସରକାରୀ	ସାରଦ-୨	୦.୫୫୦	ଦାଗୁ ବାରିକ, ପି-ମଧୁସୁଦନ ବାରିକ, ଜା-ବାରିକ, ଗ୍ରା-ନିଳଗିରି
	ଧାମା	୧୩	ବେସରକାରୀ	ସାରଦ-୨	୦.୧୫୦	ଗଉରାନ୍ଦ ମାଝି, ପି-ରବିନା ମାଝି, ଲକ୍ଷ୍ମୀ ମାଝି, ସ୍ୱା-ରବିନା ମାଝି, ଜା-ସାନ୍ତାଳ, ଗ୍ରା-ନିଳଗିରି
	ଧାମା	୧୭	ବେସରକାରୀ	ସାରଦ-୧	୦.୦୫୦	ମୁନିରାମ ଦୁଡୁ, ମଙ୍ଗଳ ଦୁଡୁ, ପି-ମୋତିରାମ ଦୁଡୁ, ଜା-ସାନ୍ତାଳ, ଗ୍ରା-ନିଳଗିରି
	ଧାମା	୧୫	ବେସରକାରୀ	ସାରଦ-୨	୦.୨୦୦	ସାଦାନନ୍ଦବାରିକ, ପି-ଶିବଙ୍କ ବାରିକ, ଜା-ବାରିକ, ଗ୍ରା-ନିଳଗିରି
	ଧାମା	୧୮	ବେସରକାରୀ	ସାରଦ-୨	୦.୫୬୦	ମୁନିରାମ ମାଝି, ମଙ୍ଗଳ ମାଝି, ପି-ମୋତିରାମ ମାଝି, ଜା-ସାନ୍ତାଳ, ଗ୍ରା-ନିଳଗିରି
	ଧାମା	୨୬	ବେସରକାରୀ	ସାରଦ-୨	୦.୩୮୦	ବହିଣି ମାଝି, ପି-ବିରାମ ମାଝି, ଲକ୍ଷ୍ମୀ ମାଝି, ସ୍ୱା-ବିରାମ ମାଝି, ଜା-ସାନ୍ତାଳ, ଗ୍ରା-ନିଳଗିରି
	ଧାମା	୨୫	ବେସରକାରୀ	ସାରଦ-୨	୦.୨୦୦	ମୁନିରାମ ମାଝି, ମଙ୍ଗଳ ମାଝି, ପି-ମୋତିରାମ ମାଝି, ଜା-ସାନ୍ତାଳ, ଗ୍ରା-ନିଳଗିରି
	ଧାମା	୨୭	ବେସରକାରୀ	ସାରଦ-୨	୦.୨୦୦	ମୁନିରାମ ଦୁଡୁ, ମଙ୍ଗଳ ଦୁଡୁ, ପି-ମୋତିରାମ ଦୁଡୁ, ଜା-ସାନ୍ତାଳ, ଗ୍ରା-ନିଳଗିରି
	ଧାମା	୨୬	ସରକାରୀ	ଗୋଚର	୦.୦୫୦	ରକ୍ଷିତ
	ଧାମା	୨୦	ବେସରକାରୀ	ସାରଦ-୧	୦.୫୫୦	ମୁନିରାମ ଦୁଡୁ, ମଙ୍ଗଳ ଦୁଡୁ, ପି-ମୋତିରାମ ଦୁଡୁ, ଜା-ସାନ୍ତାଳ, ଗ୍ରା-ନିଳଗିରି
	ଧାମା	୨୩	ସରକାରୀ	ଗୋଚର	୦.୦୫୦	ରକ୍ଷିତ
	ଧାମା	୩୬	ବେସରକାରୀ	ସାରଦ-୨	୦.୫୬୦	ଜବା ମାଝି, ସ୍ୱା-ବିଦାଗନ ସୋରେନ, ଜା-ସାନ୍ତାଳ, ଗ୍ରା-ଜଗାଧ
	ଧାମା	୨୩	ବେସରକାରୀ	ସାରଦ-୨	୦.୩୬୦	ଦୁର୍ଯ୍ୟୋଧନ ମାଝି, ପି-ରିବିରାମ ମାଝି, ଜା-ସାନ୍ତାଳ, ଗ୍ରା-ନିଳଗିରି
(See Next Page)
